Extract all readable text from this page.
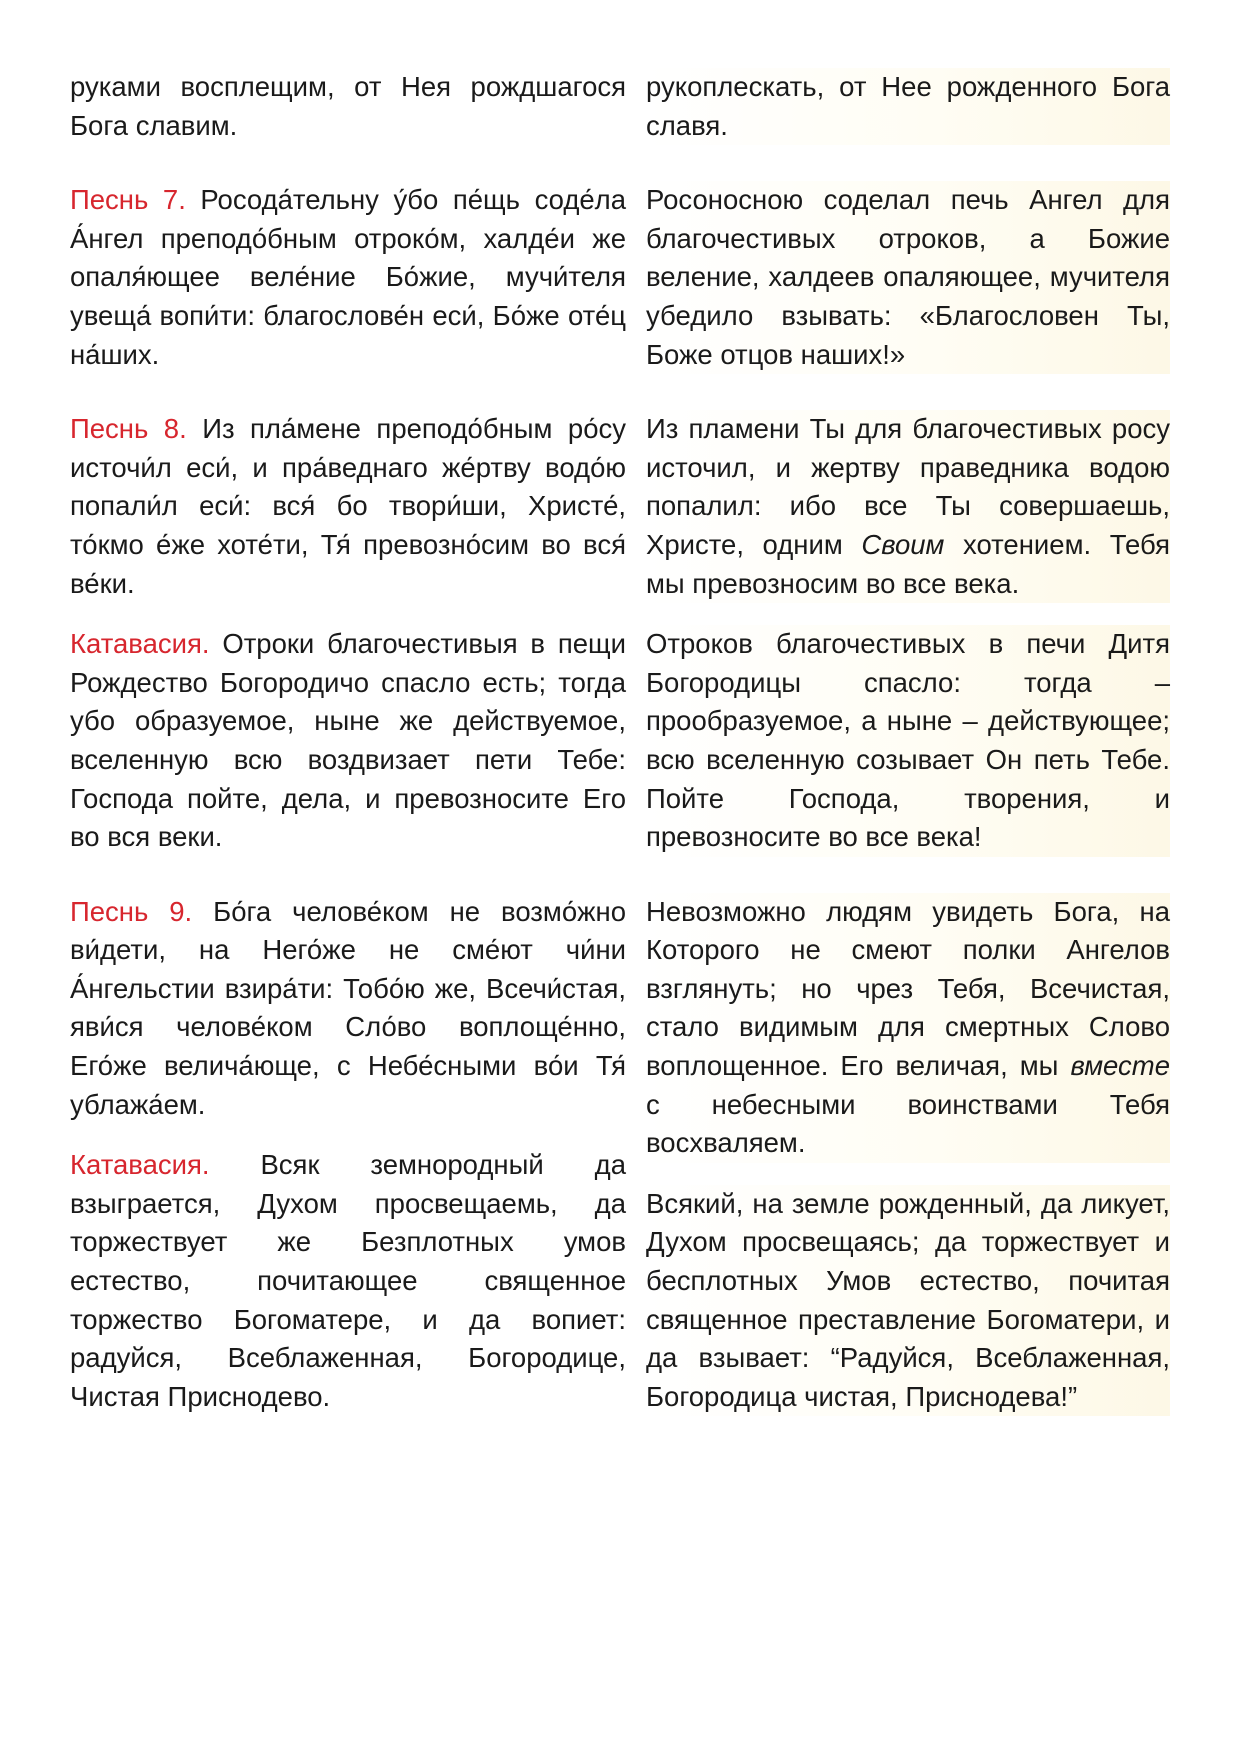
руками восплещим, от Нея рождшагося Бога славим.

рукоплескать, от Нее рожденного Бога славя.

Песнь 7. Росода́тельну у́бо пе́щь соде́ла А́нгел преподо́бным отроко́м, халде́и же опаля́ющее веле́ние Бо́жие, мучи́теля увеща́ вопи́ти: благослове́н еси́, Бо́же оте́ц на́ших.

Росоносною соделал печь Ангел для благочестивых отроков, а Божие веление, халдеев опаляющее, мучителя убедило взывать: «Благословен Ты, Боже отцов наших!»

Песнь 8. Из пла́мене преподо́бным ро́су источи́л еси́, и пра́веднаго же́ртву водо́ю попали́л еси́: вся́ бо твори́ши, Христе́, то́кмо е́же хоте́ти, Тя́ превозно́сим во вся́ ве́ки.

Катавасия. Отроки благочестивыя в пещи Рождество Богородичо спасло есть; тогда убо образуемое, ныне же действуемое, вселенную всю воздвизает пети Тебе: Господа пойте, дела, и превозносите Его во вся веки.

Из пламени Ты для благочестивых росу источил, и жертву праведника водою попалил: ибо все Ты совершаешь, Христе, одним Своим хотением. Тебя мы превозносим во все века.

Отроков благочестивых в печи Дитя Богородицы спасло: тогда – прообразуемое, а ныне – действующее; всю вселенную созывает Он петь Тебе. Пойте Господа, творения, и превозносите во все века!

Песнь 9. Бо́га челове́ком не возмо́жно ви́дети, на Него́же не сме́ют чи́ни А́нгельстии взира́ти: Тобо́ю же, Всечи́стая, яви́ся челове́ком Сло́во воплоще́нно, Его́же велича́юще, с Небе́сными во́и Тя́ ублажа́ем.

Катавасия. Всяк земнородный да взыграется, Духом просвещаемь, да торжествует же Безплотных умов естество, почитающее священное торжество Богоматере, и да вопиет: радуйся, Всеблаженная, Богородице, Чистая Приснодево.

Невозможно людям увидеть Бога, на Которого не смеют полки Ангелов взглянуть; но чрез Тебя, Всечистая, стало видимым для смертных Слово воплощенное. Его величая, мы вместе с небесными воинствами Тебя восхваляем.

Всякий, на земле рожденный, да ликует, Духом просвещаясь; да торжествует и бесплотных Умов естество, почитая священное преставление Богоматери, и да взывает: “Радуйся, Всеблаженная, Богородица чистая, Приснодева!”
